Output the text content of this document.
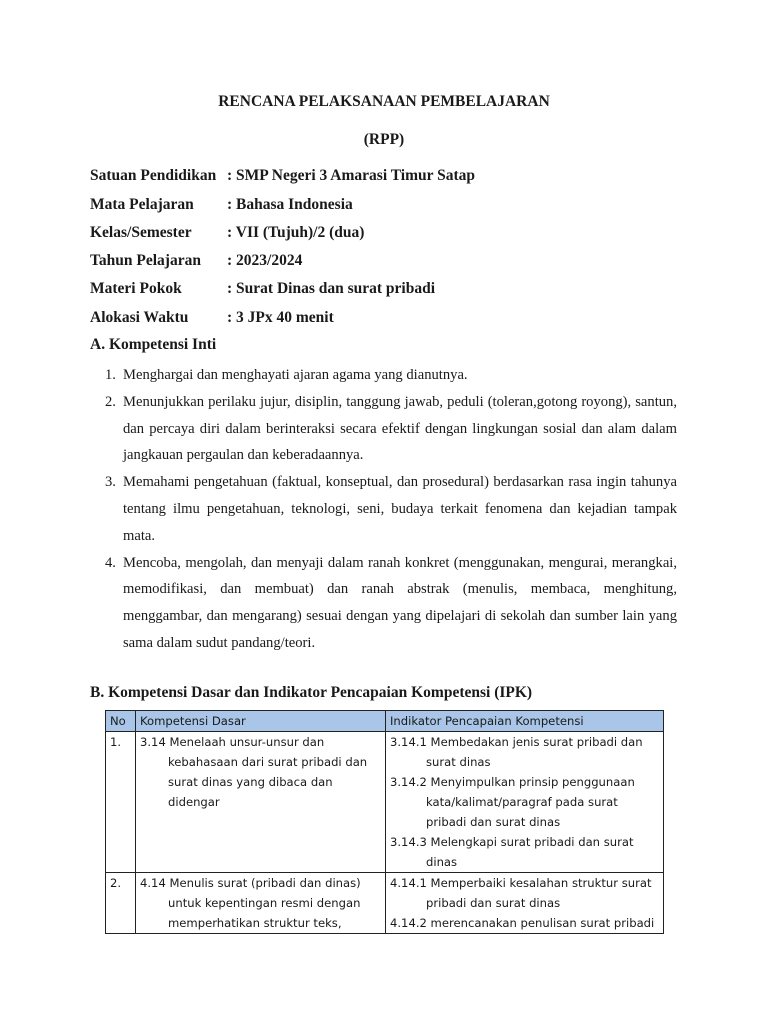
RENCANA PELAKSANAAN PEMBELAJARAN
(RPP)
Satuan Pendidikan : SMP Negeri 3 Amarasi Timur Satap
Mata Pelajaran : Bahasa Indonesia
Kelas/Semester : VII (Tujuh)/2 (dua)
Tahun Pelajaran : 2023/2024
Materi Pokok	: Surat Dinas dan surat pribadi
Alokasi Waktu : 3 JPx 40 menit
A. Kompetensi Inti
1. Menghargai dan menghayati ajaran agama yang dianutnya.
2. Menunjukkan perilaku jujur, disiplin, tanggung jawab, peduli (toleran,gotong royong), santun, dan percaya diri dalam berinteraksi secara efektif dengan lingkungan sosial dan alam dalam jangkauan pergaulan dan keberadaannya.
3. Memahami pengetahuan (faktual, konseptual, dan prosedural) berdasarkan rasa ingin tahunya tentang ilmu pengetahuan, teknologi, seni, budaya terkait fenomena dan kejadian tampak mata.
4. Mencoba, mengolah, dan menyaji dalam ranah konkret (menggunakan, mengurai, merangkai, memodifikasi, dan membuat) dan ranah abstrak (menulis, membaca, menghitung, menggambar, dan mengarang) sesuai dengan yang dipelajari di sekolah dan sumber lain yang sama dalam sudut pandang/teori.
B. Kompetensi Dasar dan Indikator Pencapaian Kompetensi (IPK)
No	Kompetensi Dasar	Indikator Pencapaian Kompetensi
1.	3.14 Menelaah unsur-unsur dan kebahasaan dari surat pribadi dan surat dinas yang dibaca dan didengar	3.14.1 Membedakan jenis surat pribadi dan surat dinas
3.14.2 Menyimpulkan prinsip penggunaan kata/kalimat/paragraf pada surat pribadi dan surat dinas
3.14.3 Melengkapi surat pribadi dan surat dinas

2.	4.14 Menulis surat (pribadi dan dinas) untuk kepentingan resmi dengan memperhatikan struktur teks,	4.14.1 Memperbaiki kesalahan struktur surat pribadi dan surat dinas
4.14.2 merencanakan penulisan surat pribadi
